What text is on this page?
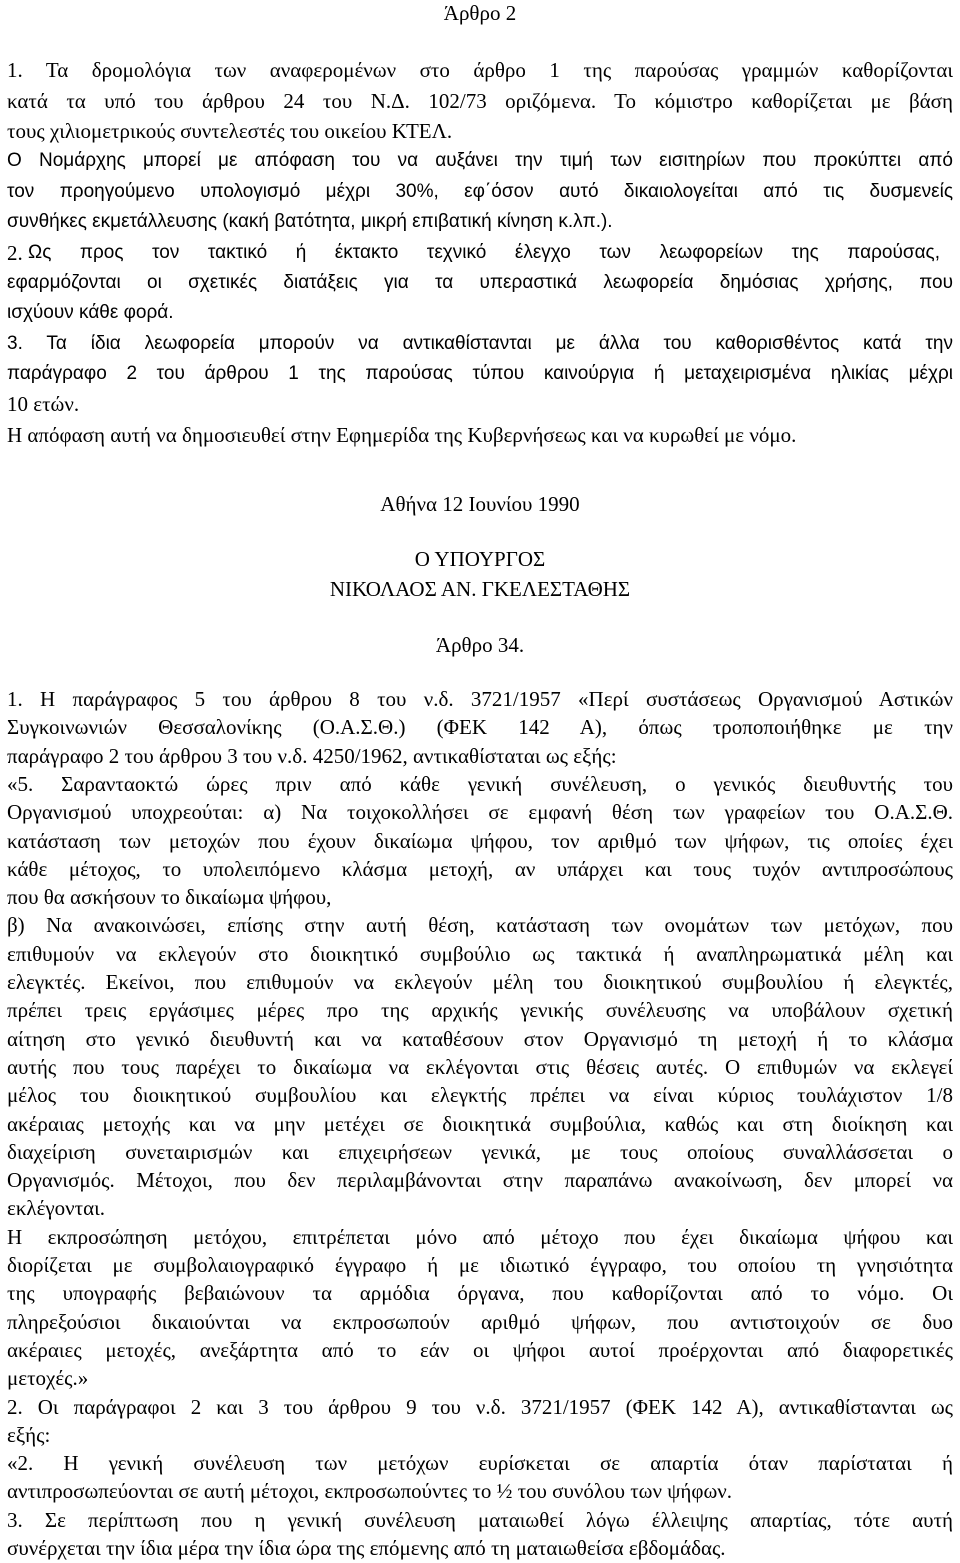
Άρθρο 2
1. Τα δρομολόγια των αναφερομένων στο άρθρο 1 της παρούσας γραμμών καθορίζονται
κατά τα υπό του άρθρου 24 του Ν.Δ. 102/73 οριζόμενα. Το κόμιστρο καθορίζεται με βάση
τους χιλιομετρικούς συντελεστές του οικείου ΚΤΕΛ.
Ο Νομάρχης μπορεί με απόφαση του να αυξάνει την τιμή των εισιτηρίων που προκύπτει από
τον προηγούμενο υπολογισμό μέχρι 30%, εφ΄όσον αυτό δικαιολογείται από τις δυσμενείς
συνθήκες εκμετάλλευσης (κακή βατότητα, μικρή επιβατική κίνηση κ.λπ.).
2. Ως προς τον τακτικό ή έκτακτο τεχνικό έλεγχο των λεωφορείων της παρούσας,
εφαρμόζονται οι σχετικές διατάξεις για τα υπεραστικά λεωφορεία δημόσιας χρήσης, που
ισχύουν κάθε φορά.
3. Τα ίδια λεωφορεία μπορούν να αντικαθίστανται με άλλα του καθορισθέντος κατά την
παράγραφο 2 του άρθρου 1 της παρούσας τύπου καινούργια ή μεταχειρισμένα ηλικίας μέχρι
10 ετών.
Η απόφαση αυτή να δημοσιευθεί στην Εφημερίδα της Κυβερνήσεως και να κυρωθεί με νόμο.
Αθήνα 12 Ιουνίου 1990
Ο ΥΠΟΥΡΓΟΣ
ΝΙΚΟΛΑΟΣ ΑΝ. ΓΚΕΛΕΣΤΑΘΗΣ
Άρθρο 34.
1. Η παράγραφος 5 του άρθρου 8 του ν.δ. 3721/1957 «Περί συστάσεως Οργανισμού Αστικών
Συγκοινωνιών Θεσσαλονίκης (Ο.Α.Σ.Θ.) (ΦΕΚ 142 Α), όπως τροποποιήθηκε με την
παράγραφο 2 του άρθρου 3 του ν.δ. 4250/1962, αντικαθίσταται ως εξής:
«5. Σαρανταοκτώ ώρες πριν από κάθε γενική συνέλευση, ο γενικός διευθυντής του
Οργανισμού υποχρεούται: α) Να τοιχοκολλήσει σε εμφανή θέση των γραφείων του Ο.Α.Σ.Θ.
κατάσταση των μετοχών που έχουν δικαίωμα ψήφου, τον αριθμό των ψήφων, τις οποίες έχει
κάθε μέτοχος, το υπολειπόμενο κλάσμα μετοχή, αν υπάρχει και τους τυχόν αντιπροσώπους
που θα ασκήσουν το δικαίωμα ψήφου,
β) Να ανακοινώσει, επίσης στην αυτή θέση, κατάσταση των ονομάτων των μετόχων, που
επιθυμούν να εκλεγούν στο διοικητικό συμβούλιο ως τακτικά ή αναπληρωματικά μέλη και
ελεγκτές. Εκείνοι, που επιθυμούν να εκλεγούν μέλη του διοικητικού συμβουλίου ή ελεγκτές,
πρέπει τρεις εργάσιμες μέρες προ της αρχικής γενικής συνέλευσης να υποβάλουν σχετική
αίτηση στο γενικό διευθυντή και να καταθέσουν στον Οργανισμό τη μετοχή ή το κλάσμα
αυτής που τους παρέχει το δικαίωμα να εκλέγονται στις θέσεις αυτές. Ο επιθυμών να εκλεγεί
μέλος του διοικητικού συμβουλίου και ελεγκτής πρέπει να είναι κύριος τουλάχιστον 1/8
ακέραιας μετοχής και να μην μετέχει σε διοικητικά συμβούλια, καθώς και στη διοίκηση και
διαχείριση συνεταιρισμών και επιχειρήσεων γενικά, με τους οποίους συναλλάσσεται ο
Οργανισμός. Μέτοχοι, που δεν περιλαμβάνονται στην παραπάνω ανακοίνωση, δεν μπορεί να
εκλέγονται.
Η εκπροσώπηση μετόχου, επιτρέπεται μόνο από μέτοχο που έχει δικαίωμα ψήφου και
διορίζεται με συμβολαιογραφικό έγγραφο ή με ιδιωτικό έγγραφο, του οποίου τη γνησιότητα
της υπογραφής βεβαιώνουν τα αρμόδια όργανα, που καθορίζονται από το νόμο. Οι
πληρεξούσιοι δικαιούνται να εκπροσωπούν αριθμό ψήφων, που αντιστοιχούν σε δυο
ακέραιες μετοχές, ανεξάρτητα από το εάν οι ψήφοι αυτοί προέρχονται από διαφορετικές
μετοχές.»
2. Οι παράγραφοι 2 και 3 του άρθρου 9 του ν.δ. 3721/1957 (ΦΕΚ 142 Α), αντικαθίστανται ως
εξής:
«2. Η γενική συνέλευση των μετόχων ευρίσκεται σε απαρτία όταν παρίσταται ή
αντιπροσωπεύονται σε αυτή μέτοχοι, εκπροσωπούντες το ½ του συνόλου των ψήφων.
3. Σε περίπτωση που η γενική συνέλευση ματαιωθεί λόγω έλλειψης απαρτίας, τότε αυτή
συνέρχεται την ίδια μέρα την ίδια ώρα της επόμενης από τη ματαιωθείσα εβδομάδας.
